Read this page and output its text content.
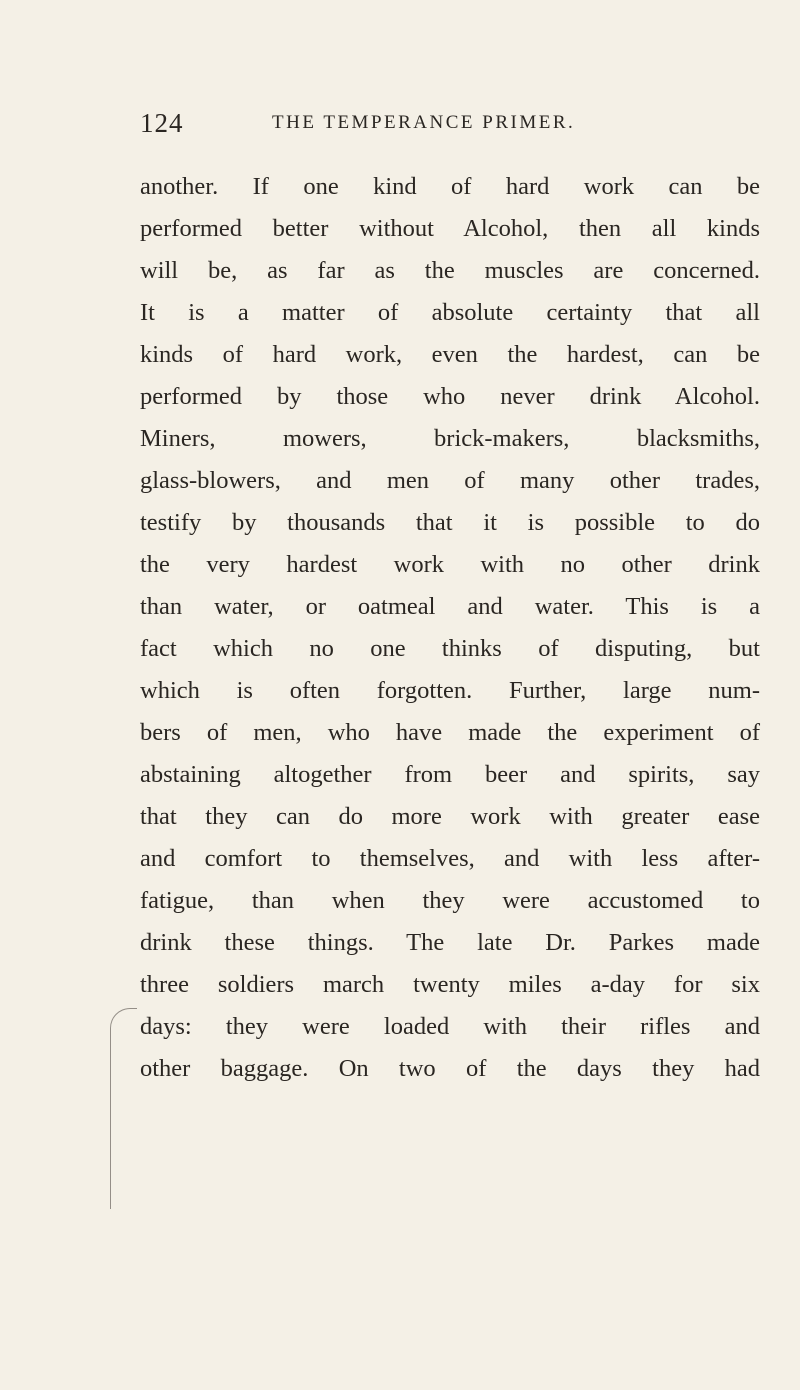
124	THE TEMPERANCE PRIMER.
another. If one kind of hard work can be
performed better without Alcohol, then all kinds
will be, as far as the muscles are concerned.
It is a matter of absolute certainty that all
kinds of hard work, even the hardest, can be
performed by those who never drink Alcohol.
Miners, mowers, brick-makers, blacksmiths,
glass-blowers, and men of many other trades,
testify by thousands that it is possible to do
the very hardest work with no other drink
than water, or oatmeal and water. This is a
fact which no one thinks of disputing, but
which is often forgotten. Further, large num-
bers of men, who have made the experiment of
abstaining altogether from beer and spirits, say
that they can do more work with greater ease
and comfort to themselves, and with less after-
fatigue, than when they were accustomed to
drink these things. The late Dr. Parkes made
three soldiers march twenty miles a-day for six
days: they were loaded with their rifles and
other baggage. On two of the days they had
